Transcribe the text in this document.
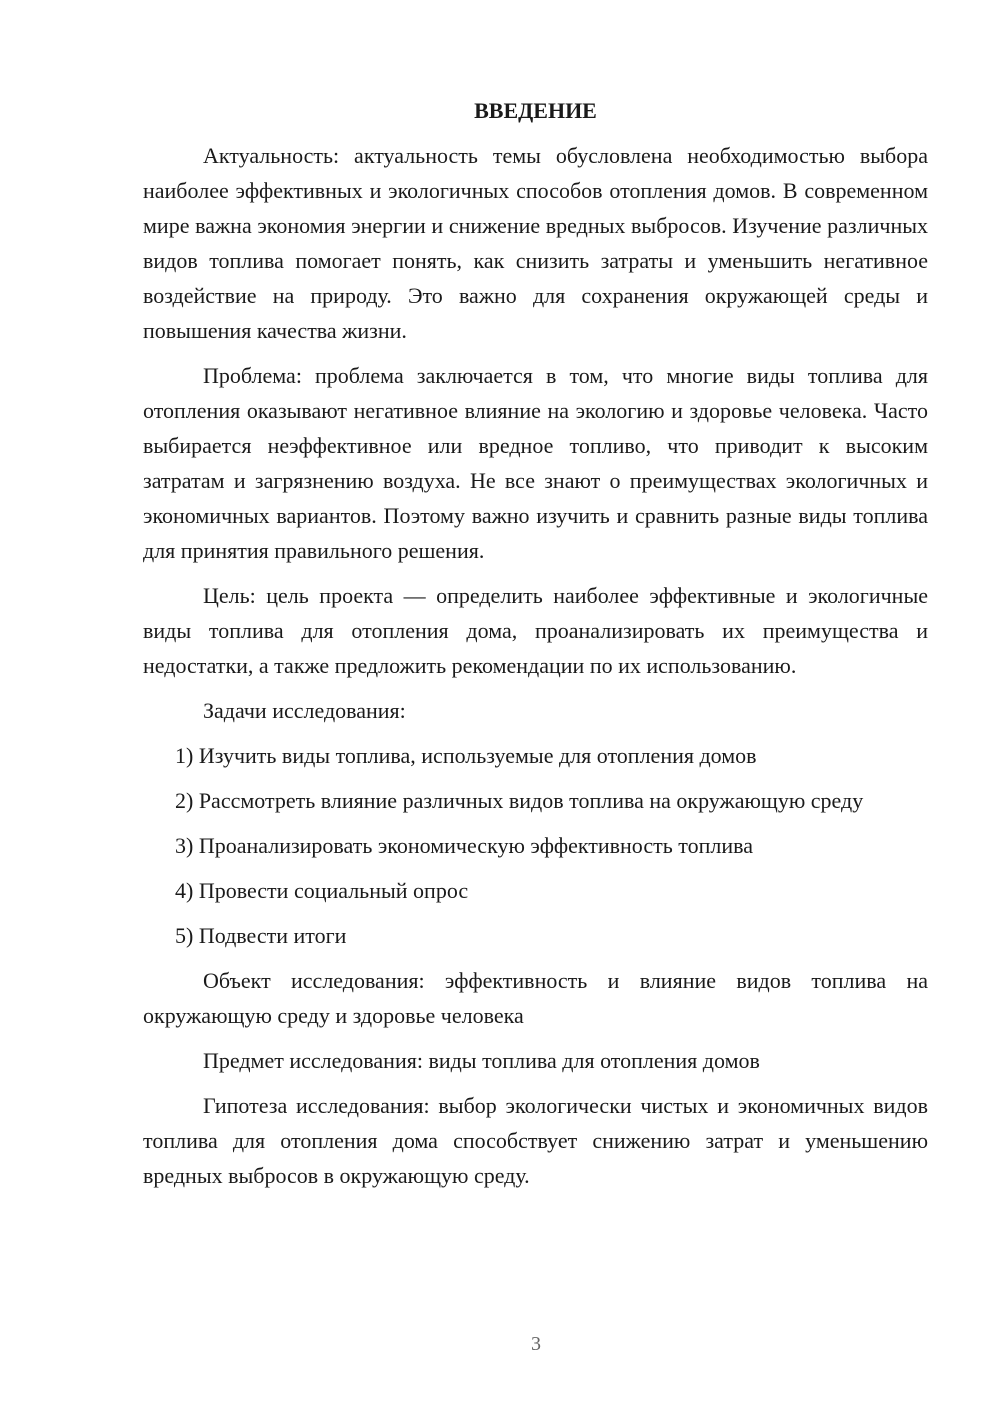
ВВЕДЕНИЕ

Актуальность: актуальность темы обусловлена необходимостью выбора наиболее эффективных и экологичных способов отопления домов. В современном мире важна экономия энергии и снижение вредных выбросов. Изучение различных видов топлива помогает понять, как снизить затраты и уменьшить негативное воздействие на природу. Это важно для сохранения окружающей среды и повышения качества жизни.

Проблема: проблема заключается в том, что многие виды топлива для отопления оказывают негативное влияние на экологию и здоровье человека. Часто выбирается неэффективное или вредное топливо, что приводит к высоким затратам и загрязнению воздуха. Не все знают о преимуществах экологичных и экономичных вариантов. Поэтому важно изучить и сравнить разные виды топлива для принятия правильного решения.

Цель: цель проекта — определить наиболее эффективные и экологичные виды топлива для отопления дома, проанализировать их преимущества и недостатки, а также предложить рекомендации по их использованию.

Задачи исследования:

1) Изучить виды топлива, используемые для отопления домов

2) Рассмотреть влияние различных видов топлива на окружающую среду

3) Проанализировать экономическую эффективность топлива

4) Провести социальный опрос

5) Подвести итоги

Объект исследования: эффективность и влияние видов топлива на окружающую среду и здоровье человека

Предмет исследования: виды топлива для отопления домов

Гипотеза исследования: выбор экологически чистых и экономичных видов топлива для отопления дома способствует снижению затрат и уменьшению вредных выбросов в окружающую среду.

3
